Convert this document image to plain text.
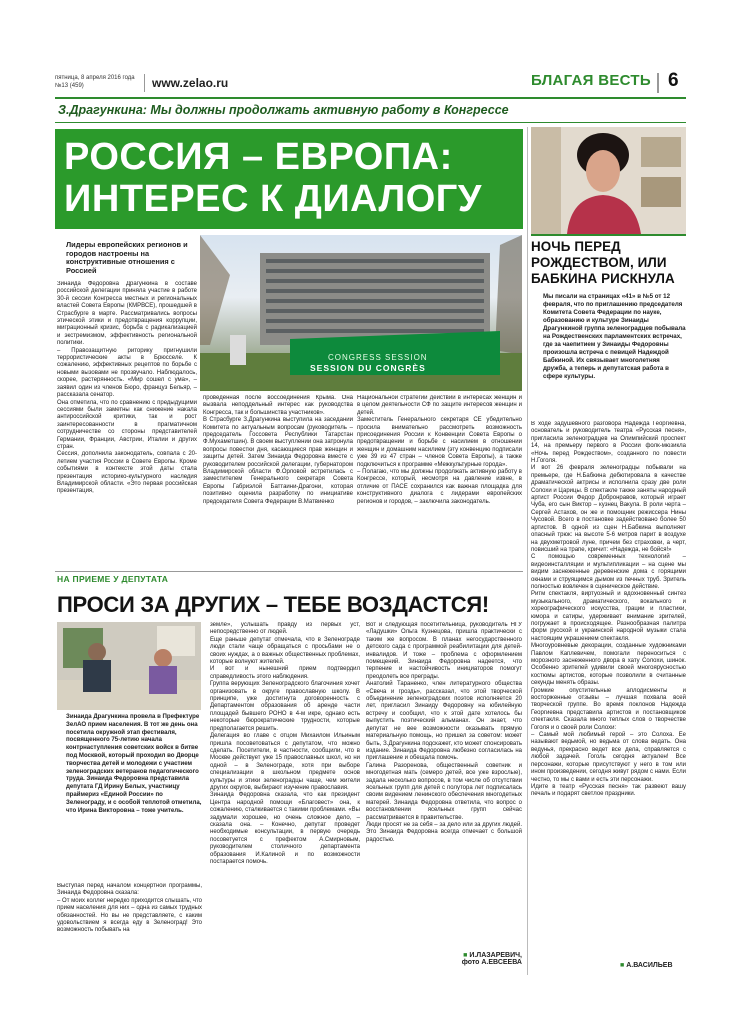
пятница, 8 апреля 2016 года
№13 (459)	www.zelao.ru	БЛАГАЯ ВЕСТЬ 6
З.Драгункина: Мы должны продолжать активную работу в Конгрессе
РОССИЯ – ЕВРОПА:
ИНТЕРЕС К ДИАЛОГУ
Лидеры европейских регионов и городов настроены на конструктивные отношения с Россией
CONGRESS SESSION
SESSION DU CONGRÈS
Зинаида Федоровна Драгункина в составе российской делегации приняла участие в работе 30-й сессии Конгресса местных и региональных властей Совета Европы (КМРВСЕ), прошедшей в Страсбурге в марте. Рассматривались вопросы этической этики и предотвращения коррупции, миграционный кризис, борьба с радикализацией и экстремизмом, эффективность региональной политики.
– Правозащитную риторику пригнушили террористические акты в Брюсселе. К сожалению, эффективных рецептов по борьбе с новыми вызовами не прозвучало. Наблюдалось, скорее, растерянность. «Мир сошел с ума», – заявил один из членов Бюро, француз Бельяр, – рассказала сенатор.
Она отметила, что по сравнению с предыдущими сессиями были заметны как снижение накала антироссийской критики, так и рост заинтересованности в прагматичном сотрудничестве со стороны представителей Германии, Франции, Австрии, Италии и других стран.
Сессия, дополнила законодатель, совпала с 20-летием участия России в Совете Европы. Кроме событиями в контексте этой даты стала презентация историко-культурного наследия Владимирской области. «Это первая российская презентация,
проведенная после воссоединения Крыма. Она вызвала неподдельный интерес как руководства Конгресса, так и большинства участников».
В Страсбурге З.Драгункина выступила на заседании Комитета по актуальным вопросам (руководитель – председатель Госсовета Республики Татарстан Ф.Мухаметшин). В своем выступлении она затронула вопросы повестки дня, касающиеся прав женщин и защиты детей. Затем Зинаида Федоровна вместе с руководителем российской делегации, губернатором Владимирской области Ф.Орловой встретилась с заместителем Генерального секретаря Совета Европы Габриэлой Баттаини-Драгони, которая позитивно оценила разработку по инициативе председателя Совета Федерации В.Матвиенко
Национальной стратегии действий в интересах женщин и в целом деятельности СФ по защите интересов женщин и детей.
Заместитель Генерального секретаря СЕ убедительно просила внимательно рассмотреть возможность присоединения России к Конвенции Совета Европы о предотвращении и борьбе с насилием в отношении женщин и домашним насилием (эту конвенцию подписали уже 39 из 47 стран – членов Совета Европы), а также подключиться к программе «Межкультурные города».
– Полагаю, что мы должны продолжать активную работу в Конгрессе, который, несмотря на давление извне, в отличие от ПАСЕ сохранился как важная площадка для конструктивного диалога с лидерами европейских регионов и городов, – заключила законодатель.
НА ПРИЕМЕ У ДЕПУТАТА
ПРОСИ ЗА ДРУГИХ – ТЕБЕ ВОЗДАСТСЯ!
Зинаида Драгункина провела в Префектуре ЗелАО прием населения. В тот же день она посетила окружной этап фестиваля, посвященного 75-летию начала контрнаступления советских войск в битве под Москвой, который проходил во Дворце творчества детей и молодежи с участием зеленоградских ветеранов педагогического труда. Зинаида Федоровна представила депутата ГД Ирину Белых, участницу праймериз «Единой России» по Зеленограду, и с особой теплотой отметила, что Ирина Викторовна – тоже учитель.
Выступая перед началом концертной программы, Зинаида Федоровна сказала:
– От моих коллег нередко приходится слышать, что прием населения для них – одна из самых трудных обязанностей. Но вы не представляете, с каким удовольствием я всегда еду в Зеленоград! Это возможность побывать на
земле», услышать правду из первых уст, непосредственно от людей.
Еще раньше депутат отмечала, что в Зеленограде люди стали чаще обращаться с просьбами не о своих нуждах, а о важных общественных проблемах, которые волнуют жителей.
И вот и нынешний прием подтвердил справедливость этого наблюдения.
Группа верующих Зеленоградского благочиния хочет организовать в округе православную школу. В принципе, уже достигнута договоренность с Департаментом образования об аренде части площадей бывшего РОНО в 4-м икре, однако есть некоторые бюрократические трудности, которые предполагается решить.
Делегация во главе с отцом Михаилом Ильиным пришла посоветоваться с депутатом, что можно сделать. Посетители, в частности, сообщили, что в Москве действует уже 15 православных школ, но ни одной – в Зеленограде, хотя при выборе специализации в школьном предмете основ культуры и этики зеленоградцы чаще, чем жители других округов, выбирают изучение православия.
Зинаида Федоровна сказала, что как президент Центра народной помощи «Благовест» она, к сожалению, сталкивается с такими проблемами. «Вы задумали хорошее, но очень сложное дело, – сказала она. – Конечно, депутат проведет необходимые консультации, в первую очередь посоветуется с префектом А.Смирновым, руководителем столичного департамента образования И.Калиной и по возможности постарается помочь.
Вот и следующая посетительница, руководитель НГУ «Ладушки» Ольга Кузнецова, пришла практически с таким же вопросом. В планах негосударственного детского сада с программой реабилитации для детей-инвалидов. И тоже – проблема с оформлением помещений. Зинаида Федоровна надеется, что терпение и настойчивость инициаторов помогут преодолеть все преграды.
Анатолий Тараненко, член литературного общества «Свеча и гроздь», рассказал, что этой творческой объединение зеленоградских поэтов исполняется 20 лет, пригласил Зинаиду Федоровну на юбилейную встречу и сообщил, что к этой дате хотелось бы выпустить поэтический альманах. Он знает, что депутат не вее возможности оказывать прямую материальную помощь, но пришел за советом: может быть, З.Драгункина подскажет, кто может спонсировать издание. Зинаида Федоровна любезно согласилась на приглашение и обещала помочь.
Галина Разоренова, общественный советник и многодетная мать (семеро детей, все уже взрослые), задала несколько вопросов, в том числе об отсутствии ясельных групп для детей с полутора лет подписалась своим видением ленинского обеспечения многодетных матерей. Зинаида Федоровна ответила, что вопрос о восстановлении ясельных групп сейчас рассматривается в правительстве.
Люди просят не за себя – за дело или за других людей. Это Зинаида Федоровна всегда отмечает с большой радостью.
■ И.ЛАЗАРЕВИЧ,
фото А.ЕВСЕЕВА
НОЧЬ ПЕРЕД
РОЖДЕСТВОМ, ИЛИ
БАБКИНА РИСКНУЛА
Мы писали на страницах «41» в №5 от 12 февраля, что по приглашению председателя Комитета Совета Федерации по науке, образованию и культуре Зинаиды Драгункиной группа зеленоградцев побывала на Рождественских парламентских встречах, где за чаепитием у Зинаиды Федоровны произошла встреча с певицей Надеждой Бабкиной. Их связывает многолетняя дружба, а теперь и депутатская работа в сфере культуры.
В ходе задушевного разговора Надежда Георгиевна, основатель и руководитель театра «Русская песня», пригласила зеленоградцев на Олимпийский проспект 14, на премьеру первого в России фолк-мюзикла «Ночь перед Рождеством», созданного по повести Н.Гоголя.
И вот 26 февраля зеленоградцы побывали на премьере, где Н.Бабкина дебютировала в качестве драматической актрисы и исполнила сразу две роли Солохи и Царицы. В спектакле также заняты народный артист России Федор Добронравов, который играет Чуба, его сын Виктор – кузнец Вакула. В роли черта – Сергей Астахов, он же и помощник режиссера Нины Чусовой. Всего в постановке задействовано более 50 артистов. В одной из сцен Н.Бабкина выполняет опасный трюк: на высоте 5-6 метров парит в воздухе на двухметровой луне, причем без страховки, а черт, повисший на трапе, кричит: «Надежда, не бойся!»
С помощью современных технологий – видеоинсталляции и мультипликации – на сцене мы видим заснеженные деревенские дома с горящими окнами и струящимся дымом из печных труб. Зритель полностью вовлечен в сценическое действие.
Ритм спектакля, виртуозный и вдохновенный синтез музыкального, драматического, вокального и хореографического искусства, грации и пластики, юмора и сатиры, удерживает внимание зрителей, погружает в происходящее. Разнообразная палитра форм русской и украинской народной музыки стала настоящим украшением спектакля.
Многоуровневые декорации, созданные художниками Павлом Каплевичем, помогали переноситься с морозного заснеженного двора в хату Солохи, шинок. Особенно зрителей удивили своей многоярусностью костюмы артистов, которые позволили в считанные секунды менять образы.
Громкие опустительные аплодисменты и восторженные отзывы – лучшая похвала всей творческой группе. Во время поклонов Надежда Георгиевна представила артистов и постановщиков спектакля. Сказала много теплых слов о творчестве Гоголя и о своей роли Солохи:
– Самый мой любимый герой – это Солоха. Ее называют ведьмой, но ведьма от слова ведать. Она ведунья, прекрасно ведет все дела, справляется с любой задачей. Гоголь сегодня актуален! Все персонажи, которые присутствуют у него в том или ином произведении, сегодня живут рядом с нами. Если честно, то мы с вами и есть эти персонажи.
Идите в театр «Русская песня» так развеют вашу печаль и подарят светлое праздники.
■ А.ВАСИЛЬЕВ
